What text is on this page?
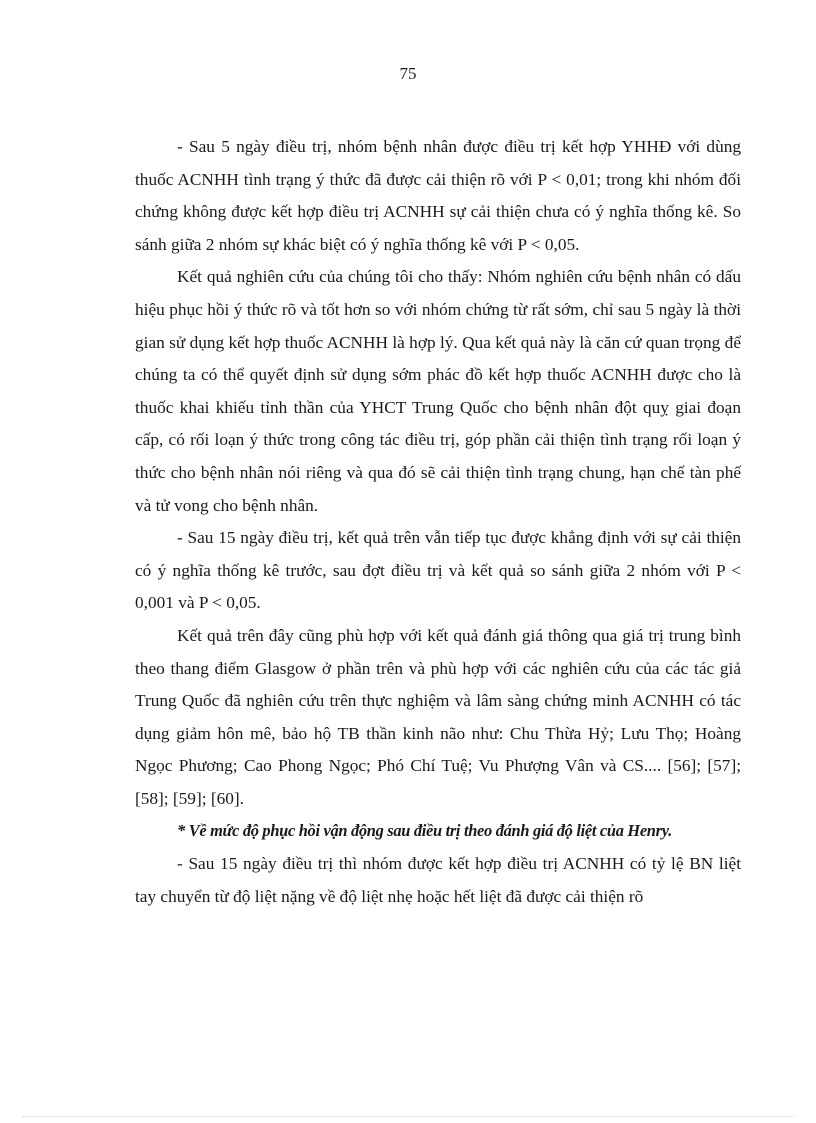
75

- Sau 5 ngày điều trị, nhóm bệnh nhân được điều trị kết hợp YHHĐ với dùng thuốc ACNHH tình trạng ý thức đã được cải thiện rõ với P < 0,01; trong khi nhóm đối chứng không được kết hợp điều trị ACNHH sự cải thiện chưa có ý nghĩa thống kê. So sánh giữa 2 nhóm sự khác biệt có ý nghĩa thống kê với P < 0,05.

Kết quả nghiên cứu của chúng tôi cho thấy: Nhóm nghiên cứu bệnh nhân có dấu hiệu phục hồi ý thức rõ và tốt hơn so với nhóm chứng từ rất sớm, chỉ sau 5 ngày là thời gian sử dụng kết hợp thuốc ACNHH là hợp lý. Qua kết quả này là căn cứ quan trọng để chúng ta có thể quyết định sử dụng sớm phác đồ kết hợp thuốc ACNHH được cho là thuốc khai khiếu tỉnh thần của YHCT Trung Quốc cho bệnh nhân đột quỵ giai đoạn cấp, có rối loạn ý thức trong công tác điều trị, góp phần cải thiện tình trạng rối loạn ý thức cho bệnh nhân nói riêng và qua đó sẽ cải thiện tình trạng chung, hạn chế tàn phế và tử vong cho bệnh nhân.

- Sau 15 ngày điều trị, kết quả trên vẫn tiếp tục được khẳng định với sự cải thiện có ý nghĩa thống kê trước, sau đợt điều trị và kết quả so sánh giữa 2 nhóm với P < 0,001 và P < 0,05.

Kết quả trên đây cũng phù hợp với kết quả đánh giá thông qua giá trị trung bình theo thang điểm Glasgow ở phần trên và phù hợp với các nghiên cứu của các tác giả Trung Quốc đã nghiên cứu trên thực nghiệm và lâm sàng chứng minh ACNHH có tác dụng giảm hôn mê, bảo hộ TB thần kinh não như: Chu Thừa Hỷ; Lưu Thọ; Hoàng Ngọc Phương; Cao Phong Ngọc; Phó Chí Tuệ; Vu Phượng Vân và CS.... [56]; [57]; [58]; [59]; [60].

* Về mức độ phục hồi vận động sau điều trị theo đánh giá độ liệt của Henry.

- Sau 15 ngày điều trị thì nhóm được kết hợp điều trị ACNHH có tỷ lệ BN liệt tay chuyển từ độ liệt nặng về độ liệt nhẹ hoặc hết liệt đã được cải thiện rõ
